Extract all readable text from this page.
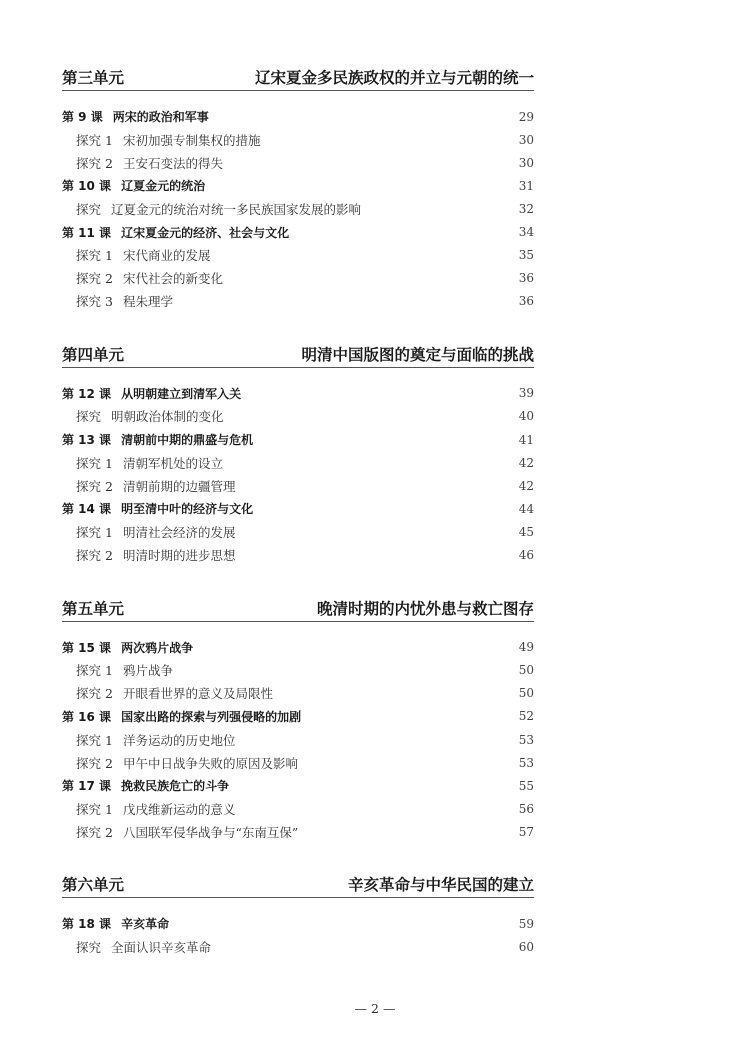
第三单元	辽宋夏金多民族政权的并立与元朝的统一
第 9 课 两宋的政治和军事	29
探究 1 宋初加强专制集权的措施	30
探究 2 王安石变法的得失	30
第 10 课 辽夏金元的统治	31
探究 辽夏金元的统治对统一多民族国家发展的影响	32
第 11 课 辽宋夏金元的经济、社会与文化	34
探究 1 宋代商业的发展	35
探究 2 宋代社会的新变化	36
探究 3 程朱理学	36
第四单元	明清中国版图的奠定与面临的挑战
第 12 课 从明朝建立到清军入关	39
探究 明朝政治体制的变化	40
第 13 课 清朝前中期的鼎盛与危机	41
探究 1 清朝军机处的设立	42
探究 2 清朝前期的边疆管理	42
第 14 课 明至清中叶的经济与文化	44
探究 1 明清社会经济的发展	45
探究 2 明清时期的进步思想	46
第五单元	晚清时期的内忧外患与救亡图存
第 15 课 两次鸦片战争	49
探究 1 鸦片战争	50
探究 2 开眼看世界的意义及局限性	50
第 16 课 国家出路的探索与列强侵略的加剧	52
探究 1 洋务运动的历史地位	53
探究 2 甲午中日战争失败的原因及影响	53
第 17 课 挽救民族危亡的斗争	55
探究 1 戊戌维新运动的意义	56
探究 2 八国联军侵华战争与“东南互保”	57
第六单元	辛亥革命与中华民国的建立
第 18 课 辛亥革命	59
探究 全面认识辛亥革命	60
— 2 —
